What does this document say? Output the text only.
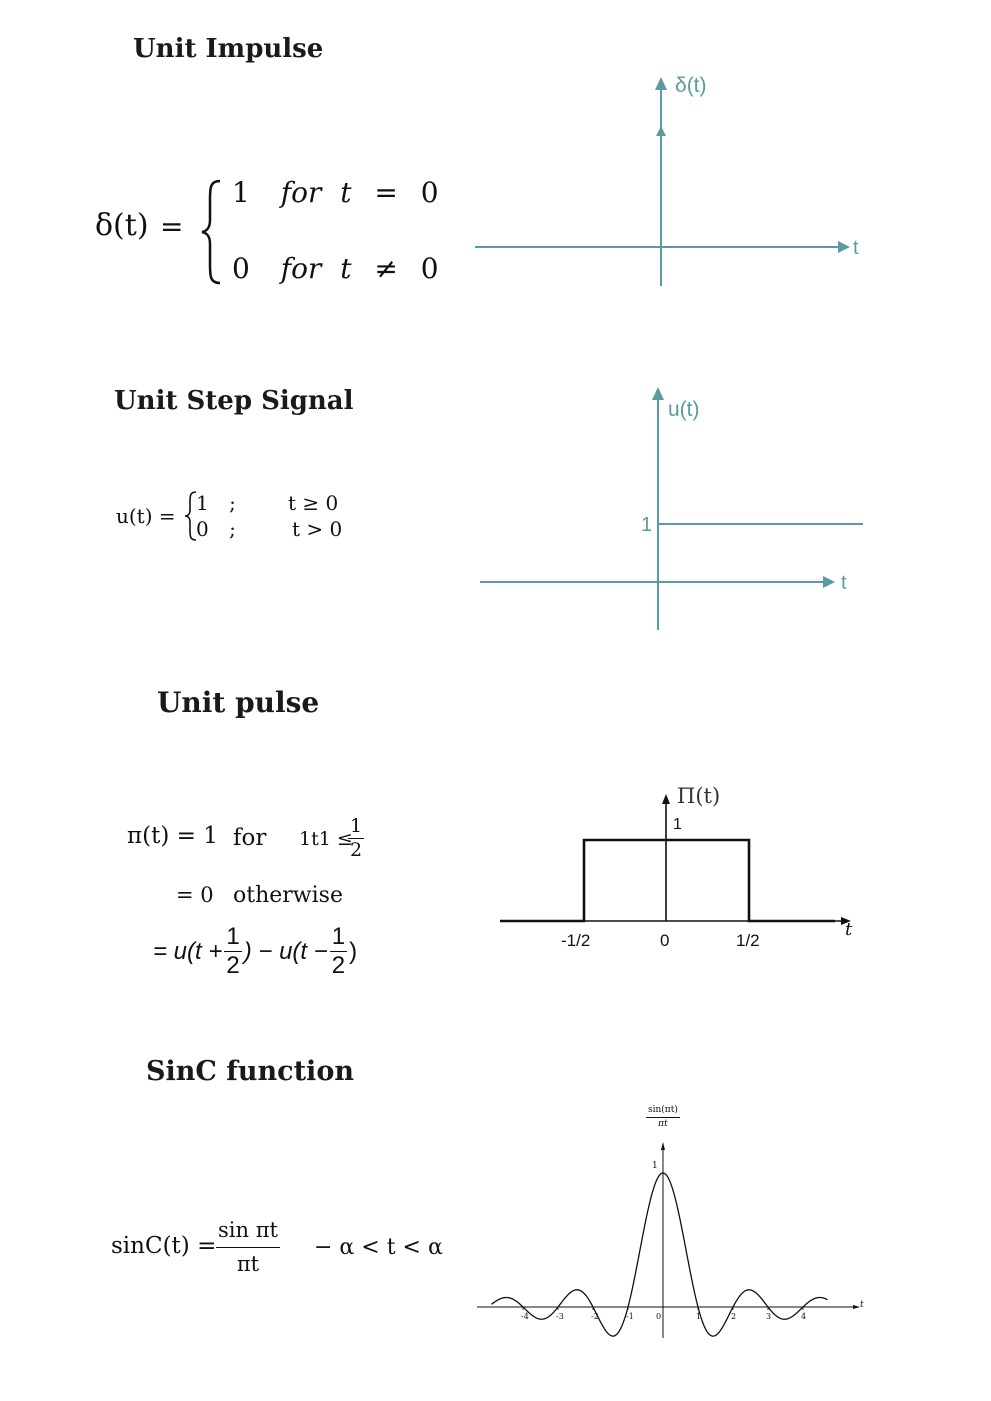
Unit Impulse
δ(t) =
1 for t = 0
0 for t ≠ 0
δ(t)
t
Unit Step Signal
u(t) =
1 ;	t ≥ 0
0 ;	t > 0
u(t)
1
t
Unit pulse
π(t) = 1 for 1t1 ≤
$\frac{1}{2}$
= 0 otherwise
= $u(t + \frac{1}{2}$ ) − $u(t - \frac{1}{2}$ )
Π(t)
1
-1/2	0	1/2
t
SinC function
$\sin C(t) = \frac{\text{sin πt}}{\pi t} - \alpha < t < \alpha$
-4	-3	-2	-1	0	1	2	3	4
$\frac{\sin(\pi t)}{\pi t}$
1
t
